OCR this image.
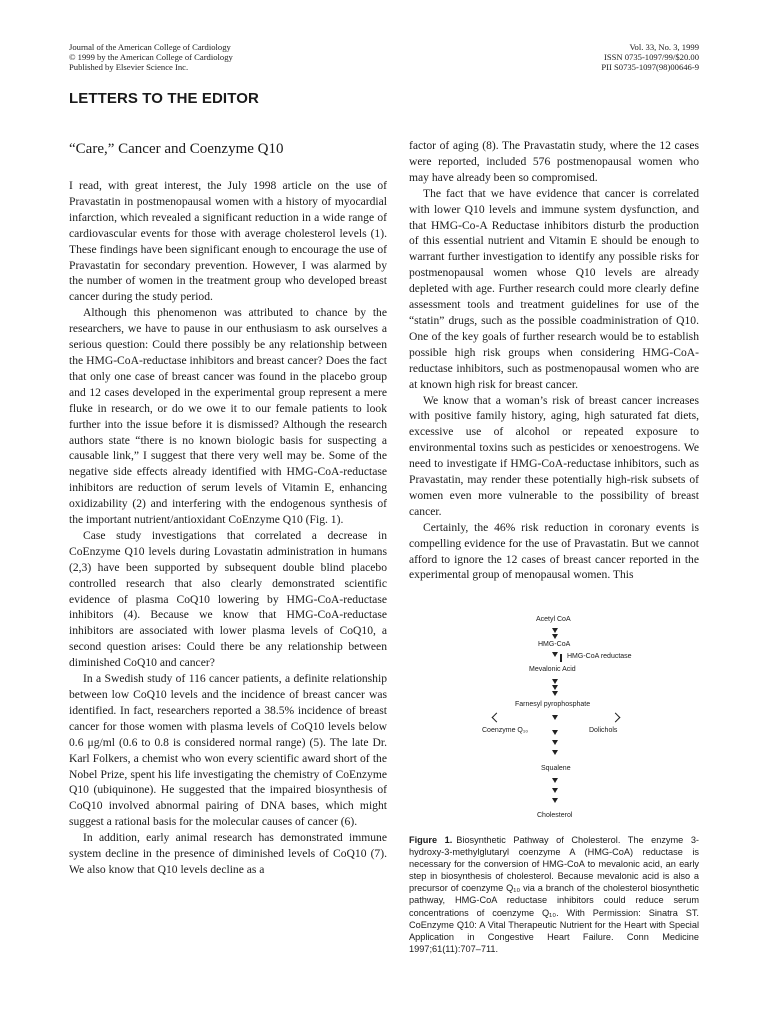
Journal of the American College of Cardiology
© 1999 by the American College of Cardiology
Published by Elsevier Science Inc.
Vol. 33, No. 3, 1999
ISSN 0735-1097/99/$20.00
PII S0735-1097(98)00646-9
LETTERS TO THE EDITOR
“Care,” Cancer and Coenzyme Q10

I read, with great interest, the July 1998 article on the use of Pravastatin in postmenopausal women with a history of myocardial infarction, which revealed a significant reduction in a wide range of cardiovascular events for those with average cholesterol levels (1). These findings have been significant enough to encourage the use of Pravastatin for secondary prevention. However, I was alarmed by the number of women in the treatment group who developed breast cancer during the study period.

Although this phenomenon was attributed to chance by the researchers, we have to pause in our enthusiasm to ask ourselves a serious question: Could there possibly be any relationship between the HMG-CoA-reductase inhibitors and breast cancer? Does the fact that only one case of breast cancer was found in the placebo group and 12 cases developed in the experimental group represent a mere fluke in research, or do we owe it to our female patients to look further into the issue before it is dismissed? Although the research authors state “there is no known biologic basis for suspecting a causable link,” I suggest that there very well may be. Some of the negative side effects already identified with HMG-CoA-reductase inhibitors are reduction of serum levels of Vitamin E, enhancing oxidizability (2) and interfering with the endogenous synthesis of the important nutrient/antioxidant CoEnzyme Q10 (Fig. 1).

Case study investigations that correlated a decrease in CoEnzyme Q10 levels during Lovastatin administration in humans (2,3) have been supported by subsequent double blind placebo controlled research that also clearly demonstrated scientific evidence of plasma CoQ10 lowering by HMG-CoA-reductase inhibitors (4). Because we know that HMG-CoA-reductase inhibitors are associated with lower plasma levels of CoQ10, a second question arises: Could there be any relationship between diminished CoQ10 and cancer?

In a Swedish study of 116 cancer patients, a definite relationship between low CoQ10 levels and the incidence of breast cancer was identified. In fact, researchers reported a 38.5% incidence of breast cancer for those women with plasma levels of CoQ10 levels below 0.6 μg/ml (0.6 to 0.8 is considered normal range) (5). The late Dr. Karl Folkers, a chemist who won every scientific award short of the Nobel Prize, spent his life investigating the chemistry of CoEnzyme Q10 (ubiquinone). He suggested that the impaired biosynthesis of CoQ10 involved abnormal pairing of DNA bases, which might suggest a rational basis for the molecular causes of cancer (6).

In addition, early animal research has demonstrated immune system decline in the presence of diminished levels of CoQ10 (7). We also know that Q10 levels decline as a

factor of aging (8). The Pravastatin study, where the 12 cases were reported, included 576 postmenopausal women who may have already been so compromised.

The fact that we have evidence that cancer is correlated with lower Q10 levels and immune system dysfunction, and that HMG-Co-A Reductase inhibitors disturb the production of this essential nutrient and Vitamin E should be enough to warrant further investigation to identify any possible risks for postmenopausal women whose Q10 levels are already depleted with age. Further research could more clearly define assessment tools and treatment guidelines for use of the “statin” drugs, such as the possible coadministration of Q10. One of the key goals of further research would be to establish possible high risk groups when considering HMG-CoA-reductase inhibitors, such as postmenopausal women who are at known high risk for breast cancer.

We know that a woman’s risk of breast cancer increases with positive family history, aging, high saturated fat diets, excessive use of alcohol or repeated exposure to environmental toxins such as pesticides or xenoestrogens. We need to investigate if HMG-CoA-reductase inhibitors, such as Pravastatin, may render these potentially high-risk subsets of women even more vulnerable to the possibility of breast cancer.

Certainly, the 46% risk reduction in coronary events is compelling evidence for the use of Pravastatin. But we cannot afford to ignore the 12 cases of breast cancer reported in the experimental group of menopausal women. This

Acetyl CoA
HMG-CoA
HMG-CoA reductase
Mevalonic Acid
Farnesyl pyrophosphate
Coenzyme Q₁₀	Dolichols
Squalene
Cholesterol
Figure 1. Biosynthetic Pathway of Cholesterol. The enzyme 3-hydroxy-3-methylglutaryl coenzyme A (HMG-CoA) reductase is necessary for the conversion of HMG-CoA to mevalonic acid, an early step in biosynthesis of cholesterol. Because mevalonic acid is also a precursor of coenzyme Q₁₀ via a branch of the cholesterol biosynthetic pathway, HMG-CoA reductase inhibitors could reduce serum concentrations of coenzyme Q₁₀. With Permission: Sinatra ST. CoEnzyme Q10: A Vital Therapeutic Nutrient for the Heart with Special Application in Congestive Heart Failure. Conn Medicine 1997;61(11):707–711.
